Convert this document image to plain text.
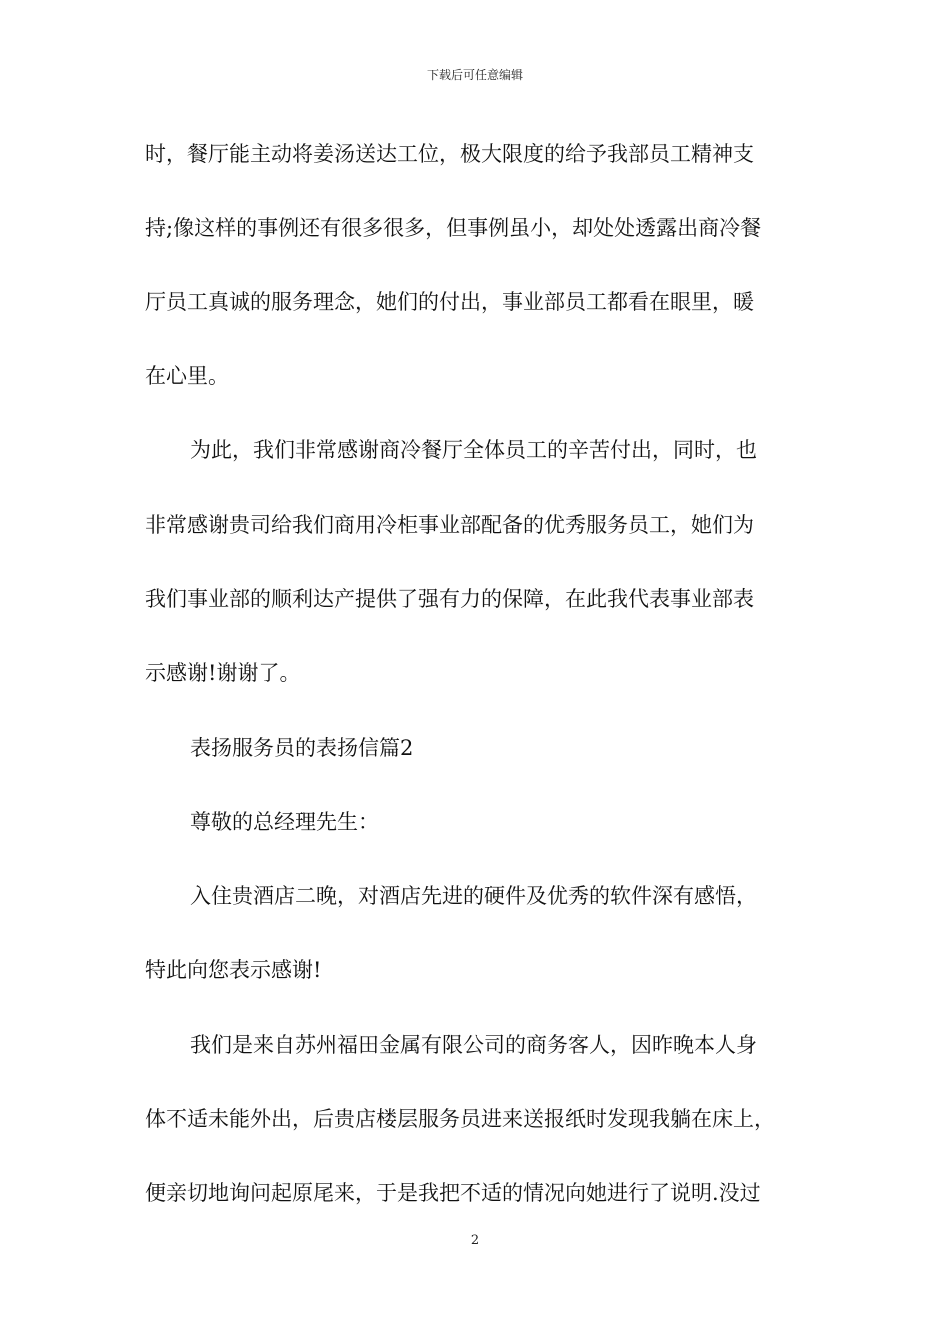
下载后可任意编辑
时，餐厅能主动将姜汤送达工位，极大限度的给予我部员工精神支
持;像这样的事例还有很多很多，但事例虽小，却处处透露出商冷餐
厅员工真诚的服务理念，她们的付出，事业部员工都看在眼里，暖
在心里。
为此，我们非常感谢商冷餐厅全体员工的辛苦付出，同时，也
非常感谢贵司给我们商用冷柜事业部配备的优秀服务员工，她们为
我们事业部的顺利达产提供了强有力的保障，在此我代表事业部表
示感谢!谢谢了。
表扬服务员的表扬信篇2
尊敬的总经理先生：
入住贵酒店二晚，对酒店先进的硬件及优秀的软件深有感悟，
特此向您表示感谢!
我们是来自苏州福田金属有限公司的商务客人，因昨晚本人身
体不适未能外出，后贵店楼层服务员进来送报纸时发现我躺在床上，
便亲切地询问起原尾来，于是我把不适的情况向她进行了说明.没过
2
